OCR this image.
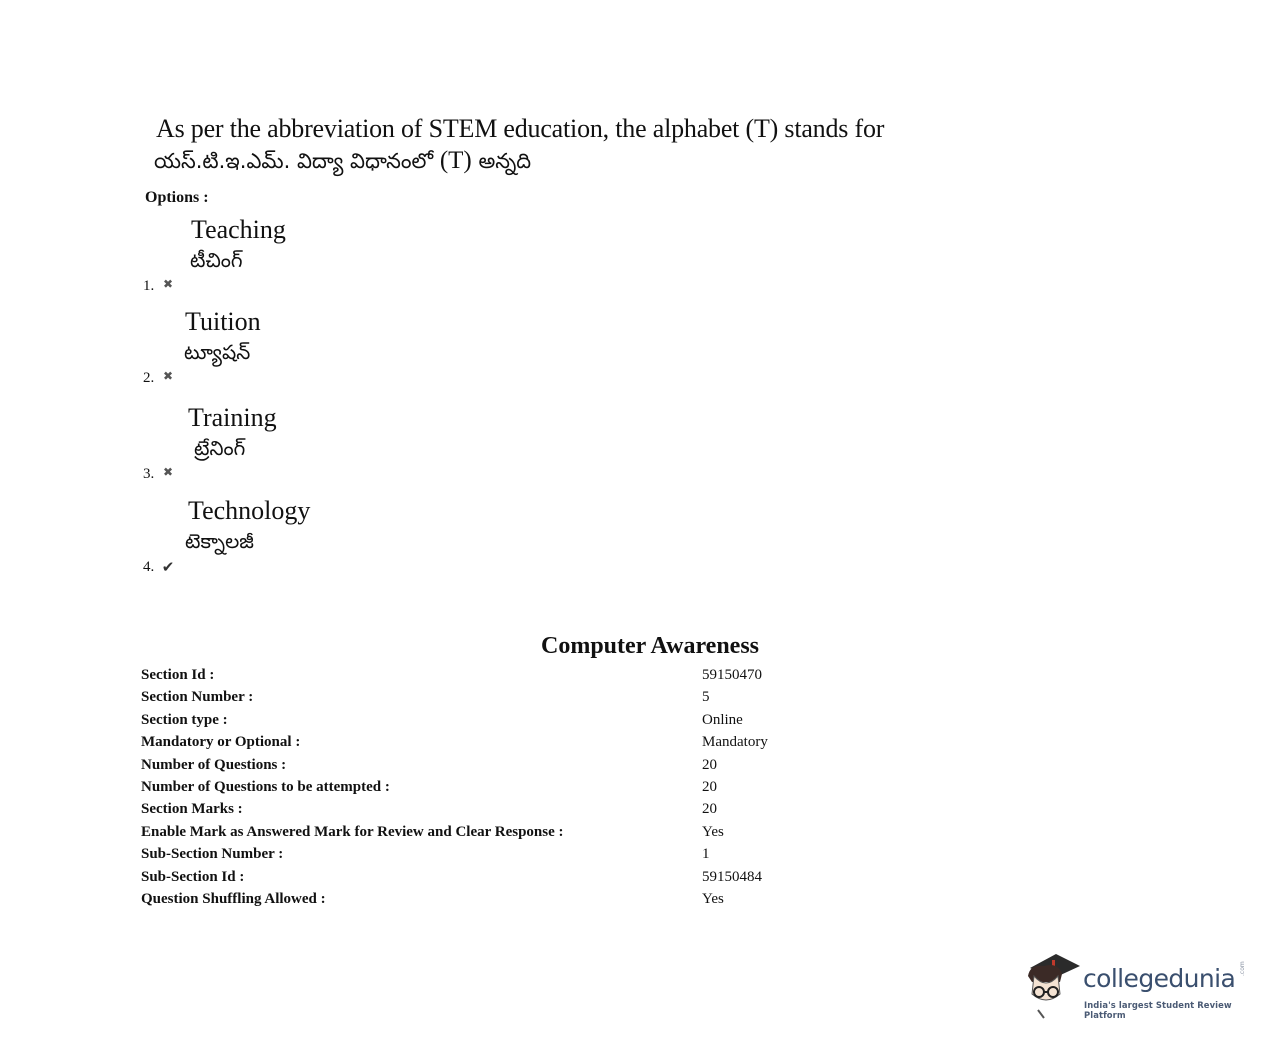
As per the abbreviation of STEM education, the alphabet (T) stands for
యస్.టి.ఇ.ఎమ్. విద్యా విధానంలో (T) అన్నది
Options :
1. ✖
Teaching
టీచింగ్
2. ✖
Tuition
ట్యూషన్
3. ✖
Training
ట్రేనింగ్
4. ✔
Technology
టెక్నాలజీ
Computer Awareness
Section Id :	59150470
Section Number :	5
Section type :	Online
Mandatory or Optional :	Mandatory
Number of Questions :	20
Number of Questions to be attempted :	20
Section Marks :	20
Enable Mark as Answered Mark for Review and Clear Response :	Yes
Sub-Section Number :	1
Sub-Section Id :	59150484
Question Shuffling Allowed :	Yes
collegedunia .com
India's largest Student Review Platform
